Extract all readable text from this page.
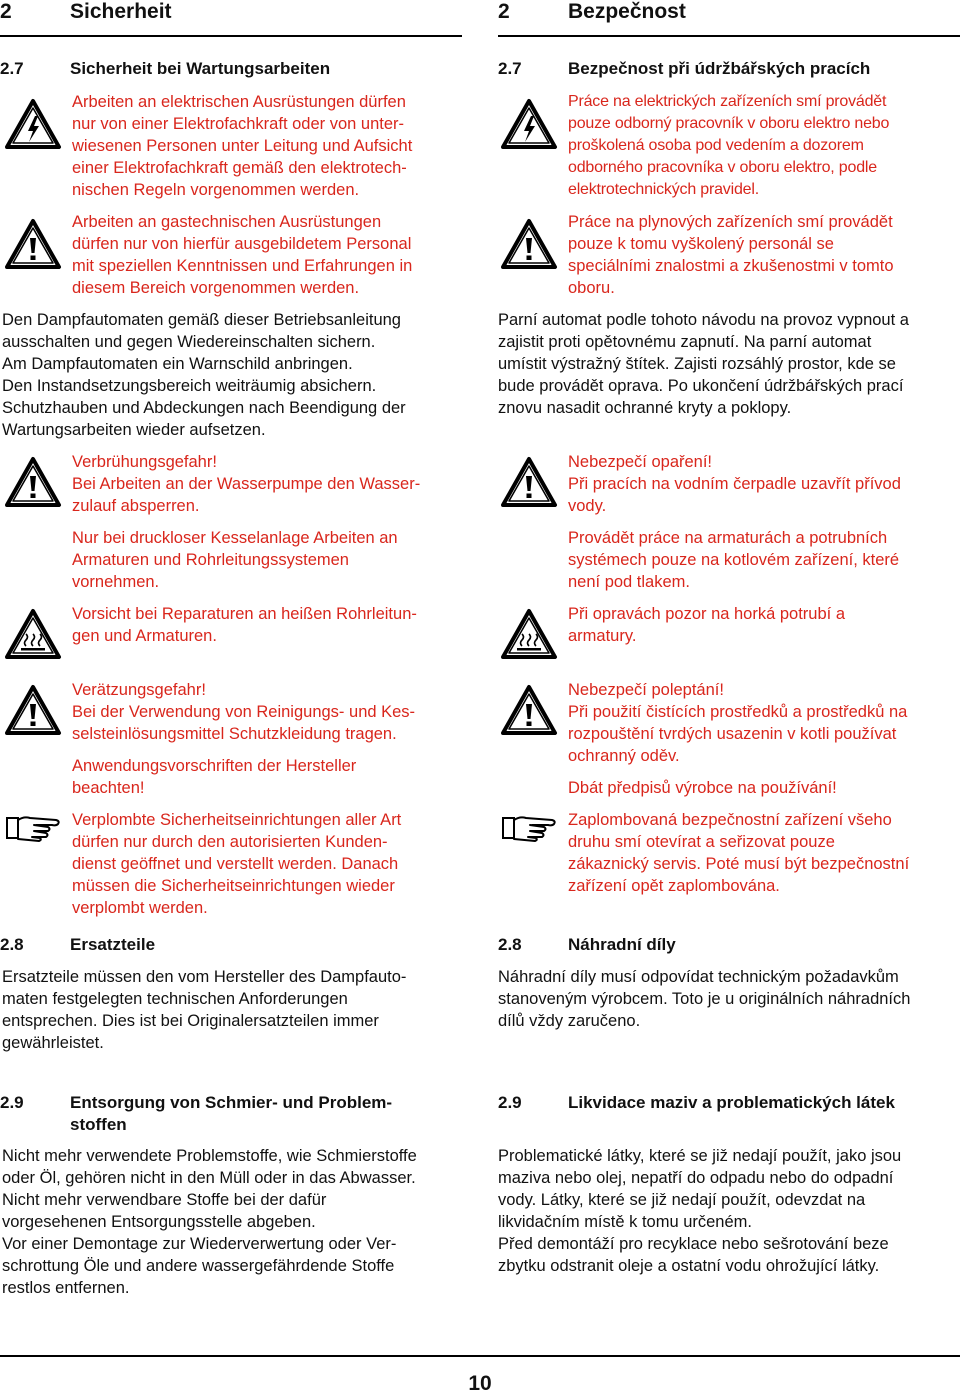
2	Sicherheit	2	Bezpečnost
2.7	Sicherheit bei Wartungsarbeiten
Arbeiten an elektrischen Ausrüstungen dürfen
nur von einer Elektrofachkraft oder von unter-
wiesenen Personen unter Leitung und Aufsicht
einer Elektrofachkraft gemäß den elektrotech-
nischen Regeln vorgenommen werden.
Arbeiten an gastechnischen Ausrüstungen
dürfen nur von hierfür ausgebildetem Personal
mit speziellen Kenntnissen und Erfahrungen in
diesem Bereich vorgenommen werden.
Den Dampfautomaten gemäß dieser Betriebsanleitung
ausschalten und gegen Wiedereinschalten sichern.
Am Dampfautomaten ein Warnschild anbringen.
Den Instandsetzungsbereich weiträumig absichern.
Schutzhauben und Abdeckungen nach Beendigung der
Wartungsarbeiten wieder aufsetzen.
Verbrühungsgefahr!
Bei Arbeiten an der Wasserpumpe den Wasser-
zulauf absperren.
Nur bei druckloser Kesselanlage Arbeiten an
Armaturen und Rohrleitungssystemen
vornehmen.
Vorsicht bei Reparaturen an heißen Rohrleitun-
gen und Armaturen.
Verätzungsgefahr!
Bei der Verwendung von Reinigungs- und Kes-
selsteinlösungsmittel Schutzkleidung tragen.
Anwendungsvorschriften der Hersteller
beachten!
Verplombte Sicherheitseinrichtungen aller Art
dürfen nur durch den autorisierten Kunden-
dienst geöffnet und verstellt werden. Danach
müssen die Sicherheitseinrichtungen wieder
verplombt werden.
2.8	Ersatzteile
Ersatzteile müssen den vom Hersteller des Dampfauto-
maten festgelegten technischen Anforderungen
entsprechen. Dies ist bei Originalersatzteilen immer
gewährleistet.
2.9	Entsorgung von Schmier- und Problem-
stoffen
Nicht mehr verwendete Problemstoffe, wie Schmierstoffe
oder Öl, gehören nicht in den Müll oder in das Abwasser.
Nicht mehr verwendbare Stoffe bei der dafür
vorgesehenen Entsorgungsstelle abgeben.
Vor einer Demontage zur Wiederverwertung oder Ver-
schrottung Öle und andere wassergefährdende Stoffe
restlos entfernen.
2.7	Bezpečnost při údržbářských pracích
Práce na elektrických zařízeních smí provádět
pouze odborný pracovník v oboru elektro nebo
proškolená osoba pod vedením a dozorem
odborného pracovníka v oboru elektro, podle
elektrotechnických pravidel.
Práce na plynových zařízeních smí provádět
pouze k tomu vyškolený personál se
speciálními znalostmi a zkušenostmi v tomto
oboru.
Parní automat podle tohoto návodu na provoz vypnout a
zajistit proti opětovnému zapnutí. Na parní automat
umístit výstražný štítek. Zajisti rozsáhlý prostor, kde se
bude provádět oprava. Po ukončení údržbářských prací
znovu nasadit ochranné kryty a poklopy.
Nebezpečí opaření!
Při pracích na vodním čerpadle uzavřít přívod
vody.
Provádět práce na armaturách a potrubních
systémech pouze na kotlovém zařízení, které
není pod tlakem.
Při opravách pozor na horká potrubí a
armatury.
Nebezpečí poleptání!
Při použití čistících prostředků a prostředků na
rozpouštění tvrdých usazenin v kotli používat
ochranný oděv.
Dbát předpisů výrobce na používání!
Zaplombovaná bezpečnostní zařízení všeho
druhu smí otevírat a seřizovat pouze
zákaznický servis. Poté musí být bezpečnostní
zařízení opět zaplombována.
2.8	Náhradní díly
Náhradní díly musí odpovídat technickým požadavkům
stanoveným výrobcem. Toto je u originálních náhradních
dílů vždy zaručeno.
2.9	Likvidace maziv a problematických látek
Problematické látky, které se již nedají použít, jako jsou
maziva nebo olej, nepatří do odpadu nebo do odpadní
vody. Látky, které se již nedají použít, odevzdat na
likvidačním místě k tomu určeném.
Před demontáží pro recyklace nebo sešrotování beze
zbytku odstranit oleje a ostatní vodu ohrožující látky.
10
